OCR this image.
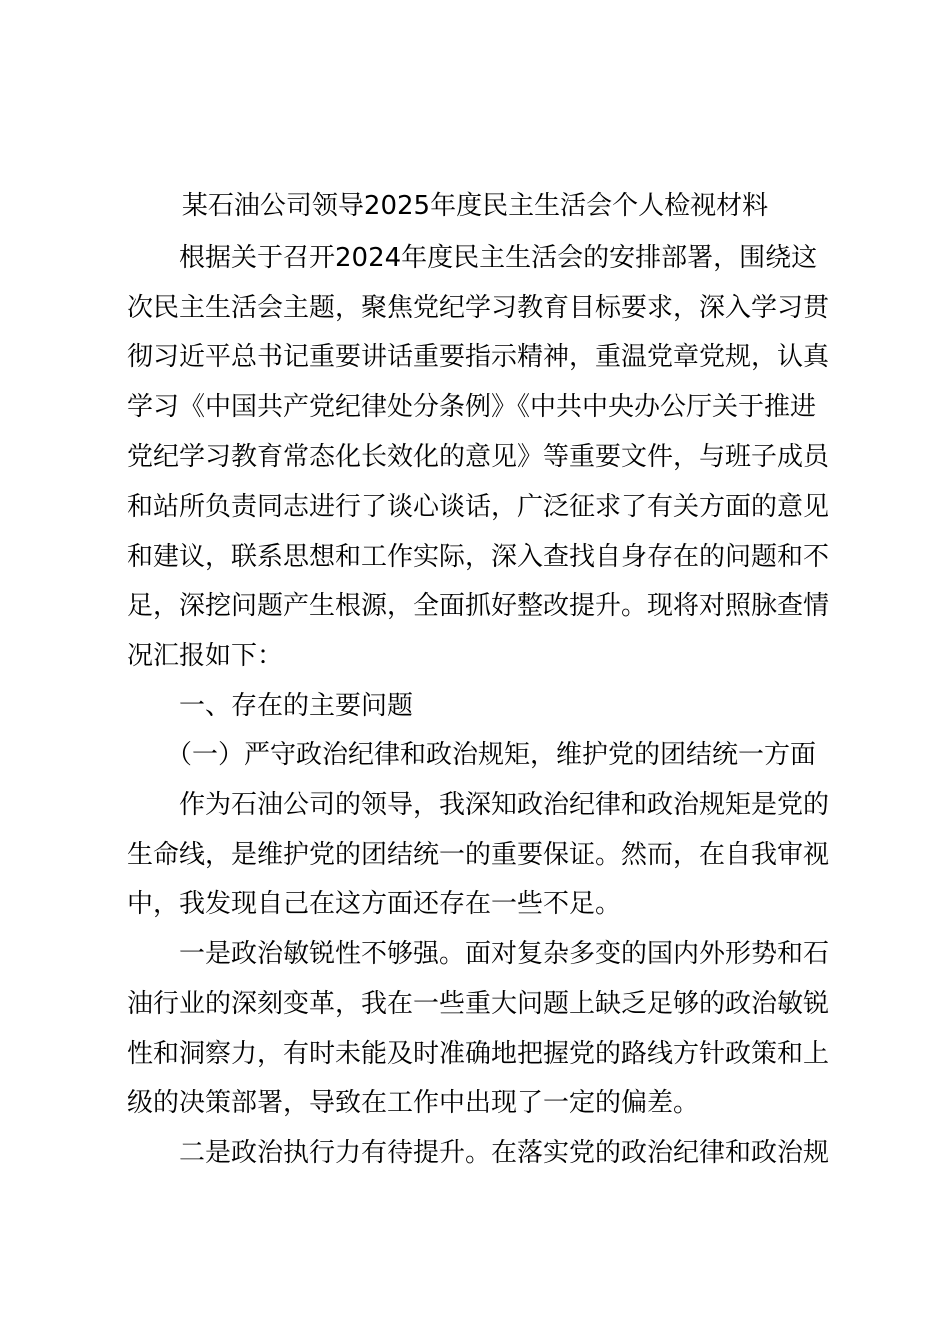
某石油公司领导2025年度民主生活会个人检视材料
　　根据关于召开2024年度民主生活会的安排部署，围绕这
次民主生活会主题，聚焦党纪学习教育目标要求，深入学习贯
彻习近平总书记重要讲话重要指示精神，重温党章党规，认真
学习《中国共产党纪律处分条例》《中共中央办公厅关于推进
党纪学习教育常态化长效化的意见》等重要文件，与班子成员
和站所负责同志进行了谈心谈话，广泛征求了有关方面的意见
和建议，联系思想和工作实际，深入查找自身存在的问题和不
足，深挖问题产生根源，全面抓好整改提升。现将对照脉查情
况汇报如下：
　　一、存在的主要问题
　　（一）严守政治纪律和政治规矩，维护党的团结统一方面
　　作为石油公司的领导，我深知政治纪律和政治规矩是党的
生命线，是维护党的团结统一的重要保证。然而，在自我审视
中，我发现自己在这方面还存在一些不足。
　　一是政治敏锐性不够强。面对复杂多变的国内外形势和石
油行业的深刻变革，我在一些重大问题上缺乏足够的政治敏锐
性和洞察力，有时未能及时准确地把握党的路线方针政策和上
级的决策部署，导致在工作中出现了一定的偏差。
　　二是政治执行力有待提升。在落实党的政治纪律和政治规
